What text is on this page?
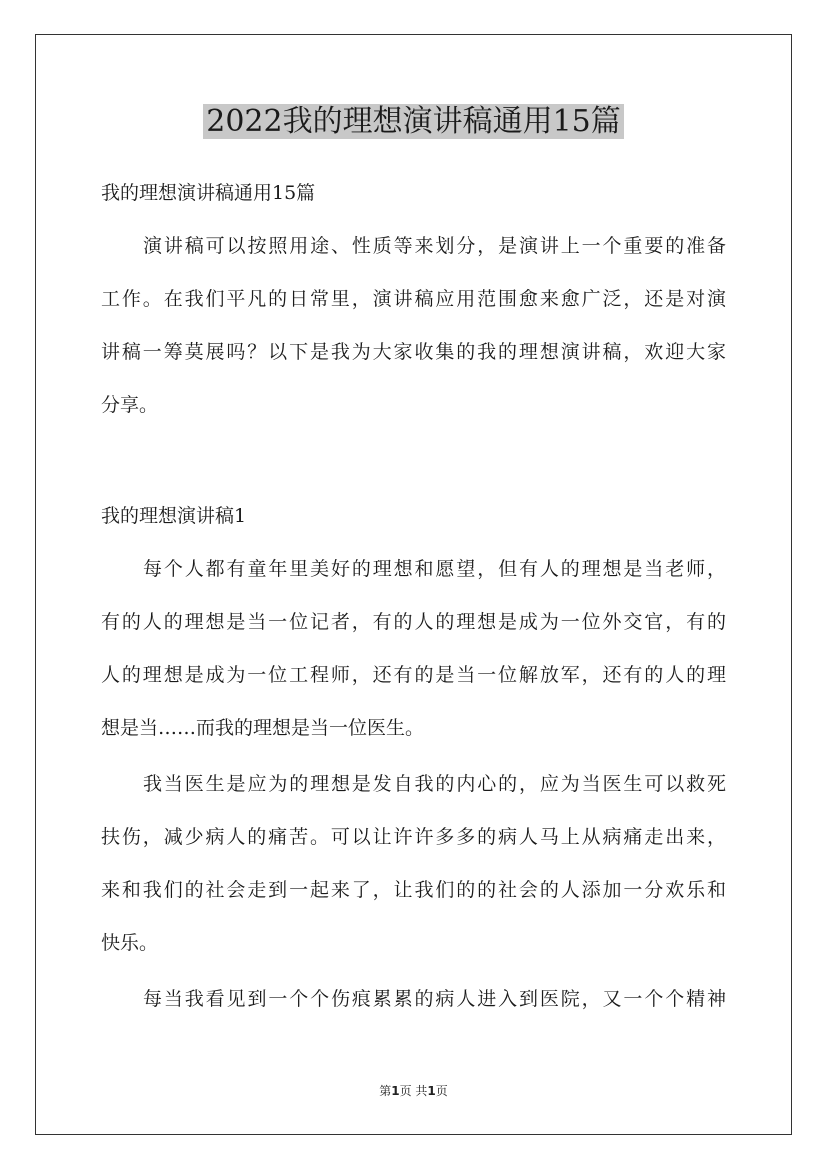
2022我的理想演讲稿通用15篇
我的理想演讲稿通用15篇
演讲稿可以按照用途、性质等来划分，是演讲上一个重要的准备
工作。在我们平凡的日常里，演讲稿应用范围愈来愈广泛，还是对演
讲稿一筹莫展吗？以下是我为大家收集的我的理想演讲稿，欢迎大家
分享。
我的理想演讲稿1
每个人都有童年里美好的理想和愿望，但有人的理想是当老师，
有的人的理想是当一位记者，有的人的理想是成为一位外交官，有的
人的理想是成为一位工程师，还有的是当一位解放军，还有的人的理
想是当……而我的理想是当一位医生。
我当医生是应为的理想是发自我的内心的，应为当医生可以救死
扶伤，减少病人的痛苦。可以让许许多多的病人马上从病痛走出来，
来和我们的社会走到一起来了，让我们的的社会的人添加一分欢乐和
快乐。
每当我看见到一个个伤痕累累的病人进入到医院，又一个个精神
第1页 共1页
